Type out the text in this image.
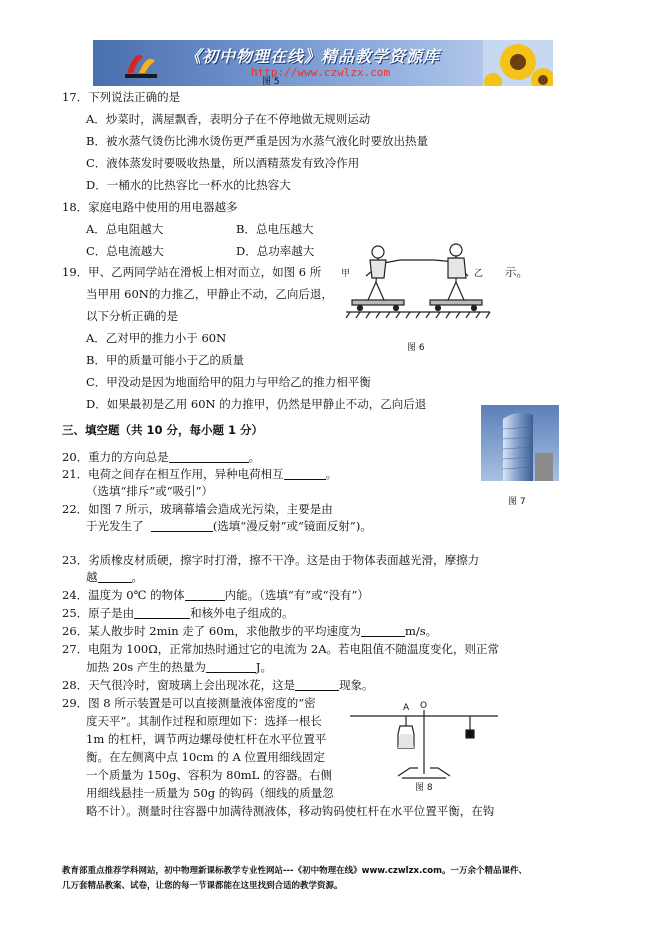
《初中物理在线》精品教学资源库
http://www.czwlzx.com
图 5
17．下列说法正确的是
A．炒菜时，满屋飘香，表明分子在不停地做无规则运动
B．被水蒸气烫伤比沸水烫伤更严重是因为水蒸气液化时要放出热量
C．液体蒸发时要吸收热量，所以酒精蒸发有致冷作用
D．一桶水的比热容比一杯水的比热容大
18．家庭电路中使用的用电器越多
A．总电阻越大	B．总电压越大
C．总电流越大	D．总功率越大
19．甲、乙两同学站在滑板上相对而立，如图 6 所	示。
当甲用 60N的力推乙，甲静止不动，乙向后退，
以下分析正确的是
A．乙对甲的推力小于 60N
B．甲的质量可能小于乙的质量
C．甲没动是因为地面给甲的阻力与甲给乙的推力相平衡
D．如果最初是乙用 60N 的力推甲，仍然是甲静止不动，乙向后退
甲	乙
图 6
三、填空题（共 10 分，每小题 1 分）
图 7
20．重力的方向总是	。
21．电荷之间存在相互作用，异种电荷相互	。
（选填“排斥”或“吸引”）
22．如图 7 所示，玻璃幕墙会造成光污染，主要是由
于光发生了	(选填“漫反射”或“镜面反射”)。
23．劣质橡皮材质硬，擦字时打滑，擦不干净。这是由于物体表面越光滑，摩擦力
越	。
24．温度为 0℃ 的物体	内能。（选填“有”或“没有”）
25．原子是由	和核外电子组成的。
26．某人散步时 2min 走了 60m，求他散步的平均速度为	m/s。
27．电阻为 100Ω，正常加热时通过它的电流为 2A。若电阻值不随温度变化，则正常
加热 20s 产生的热量为	J。
28．天气很冷时，窗玻璃上会出现冰花，这是	现象。
29．图 8 所示装置是可以直接测量液体密度的“密
度天平”。其制作过程和原理如下：选择一根长
1m 的杠杆，调节两边螺母使杠杆在水平位置平
衡。在左侧离中点 10cm 的 A 位置用细线固定
一个质量为 150g、容积为 80mL 的容器。右侧
用细线悬挂一质量为 50g 的钩码（细线的质量忽
略不计）。测量时往容器中加满待测液体，移动钩码使杠杆在水平位置平衡，在钩
A O
图 8
教育部重点推荐学科网站，初中物理新课标教学专业性网站---《初中物理在线》www.czwlzx.com。一万余个精品课件、
几万套精品教案、试卷，让您的每一节课都能在这里找到合适的教学资源。
